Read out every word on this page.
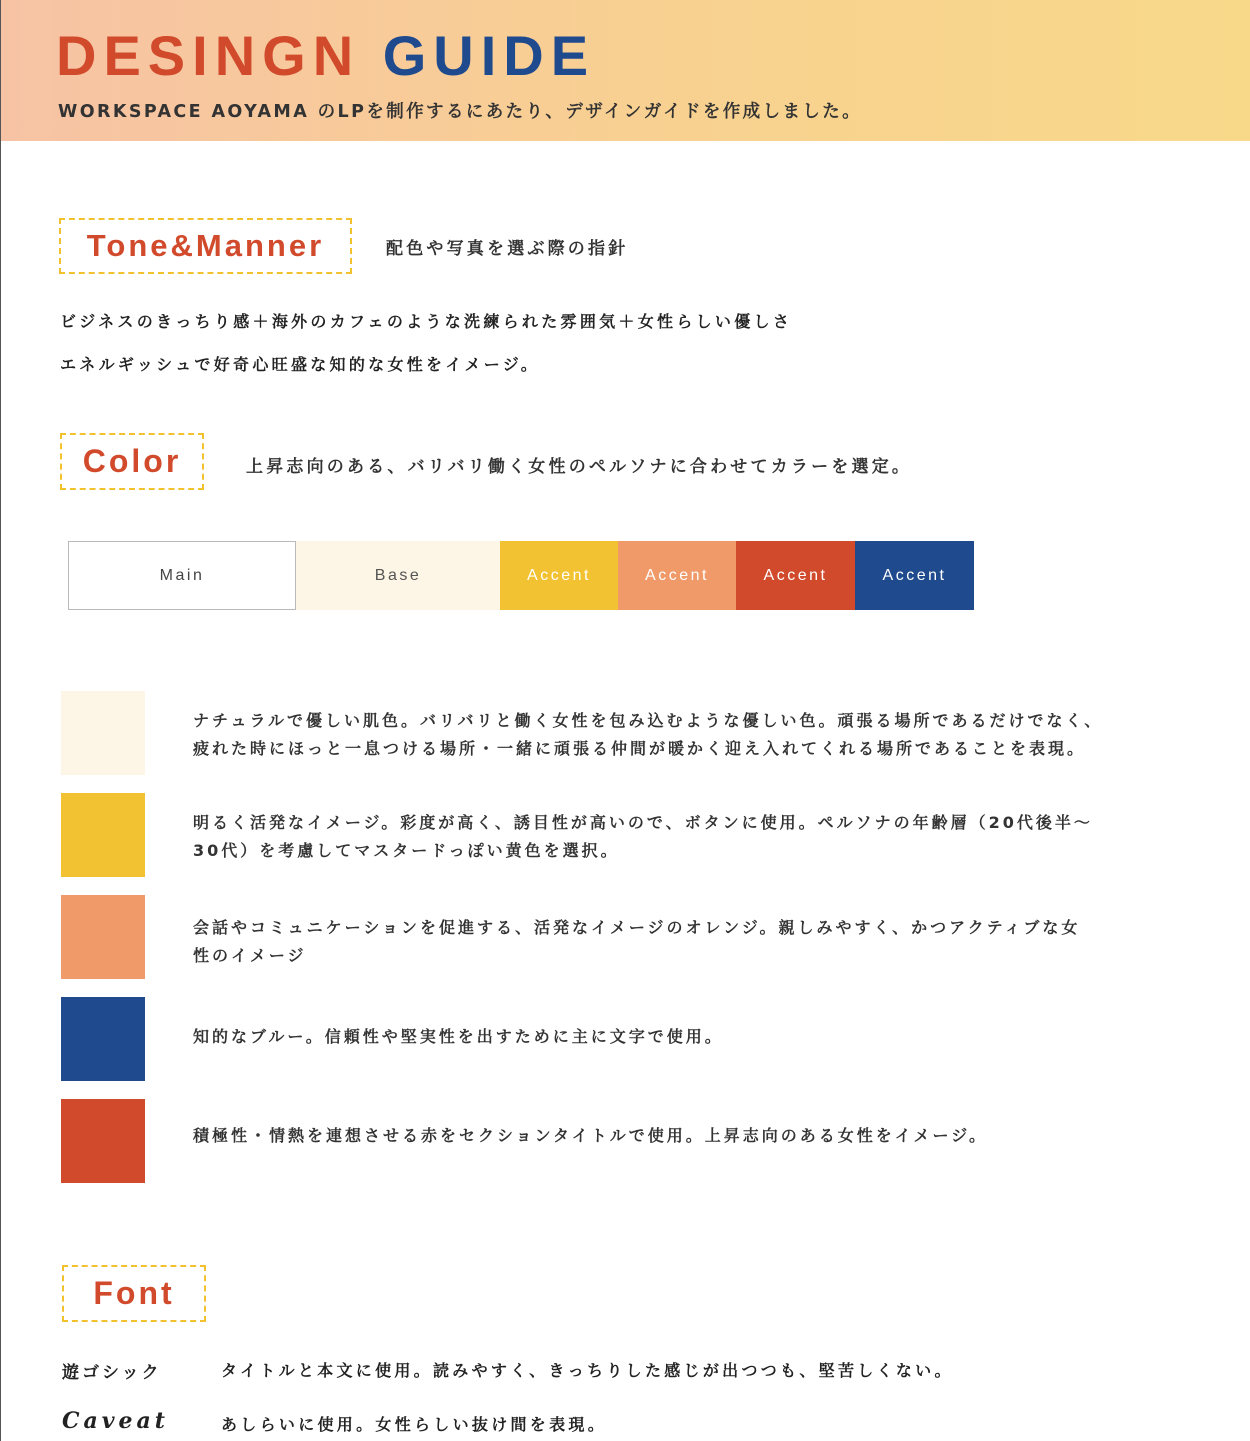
DESINGN GUIDE

WORKSPACE AOYAMA のLPを制作するにあたり、デザインガイドを作成しました。

Tone&Manner	配色や写真を選ぶ際の指針

ビジネスのきっちり感＋海外のカフェのような洗練られた雰囲気＋女性らしい優しさ

エネルギッシュで好奇心旺盛な知的な女性をイメージ。

Color	上昇志向のある、バリバリ働く女性のペルソナに合わせてカラーを選定。

Main	Base	Accent	Accent	Accent	Accent

ナチュラルで優しい肌色。バリバリと働く女性を包み込むような優しい色。頑張る場所であるだけでなく、
疲れた時にほっと一息つける場所・一緒に頑張る仲間が暖かく迎え入れてくれる場所であることを表現。

明るく活発なイメージ。彩度が高く、誘目性が高いので、ボタンに使用。ペルソナの年齢層（20代後半～
30代）を考慮してマスタードっぽい黄色を選択。

会話やコミュニケーションを促進する、活発なイメージのオレンジ。親しみやすく、かつアクティブな女
性のイメージ

知的なブルー。信頼性や堅実性を出すために主に文字で使用。

積極性・情熱を連想させる赤をセクションタイトルで使用。上昇志向のある女性をイメージ。

Font

遊ゴシック	タイトルと本文に使用。読みやすく、きっちりした感じが出つつも、堅苦しくない。

Caveat	あしらいに使用。女性らしい抜け間を表現。
